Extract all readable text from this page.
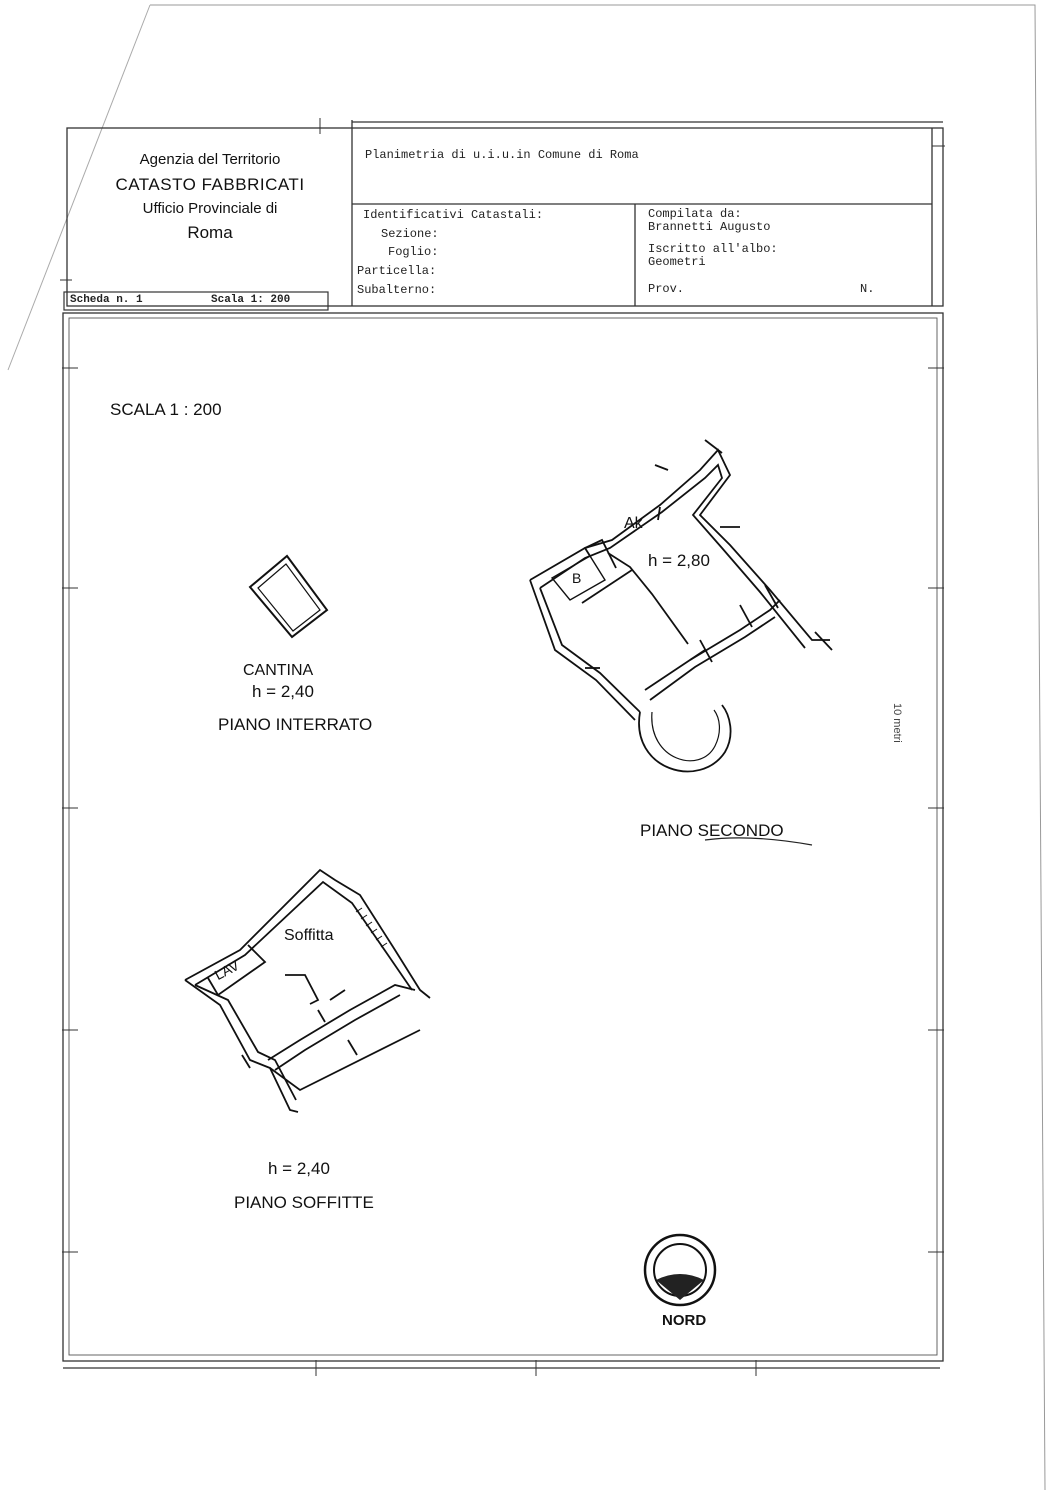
Agenzia del Territorio
CATASTO FABBRICATI
Ufficio Provinciale di
Roma
Planimetria di u.i.u.in Comune di Roma
Identificativi Catastali:
Sezione:
Foglio:
Particella:
Subalterno:
Compilata da:
Brannetti Augusto
Iscritto all'albo:
Geometri
Prov.	N.
Scheda n. 1	Scala 1: 200
SCALA 1 : 200
CANTINA
h = 2,40
PIANO INTERRATO
Ak
B
h = 2,80
PIANO SECONDO
Soffitta
LAV
h = 2,40
PIANO SOFFITTE
10 metri
NORD
